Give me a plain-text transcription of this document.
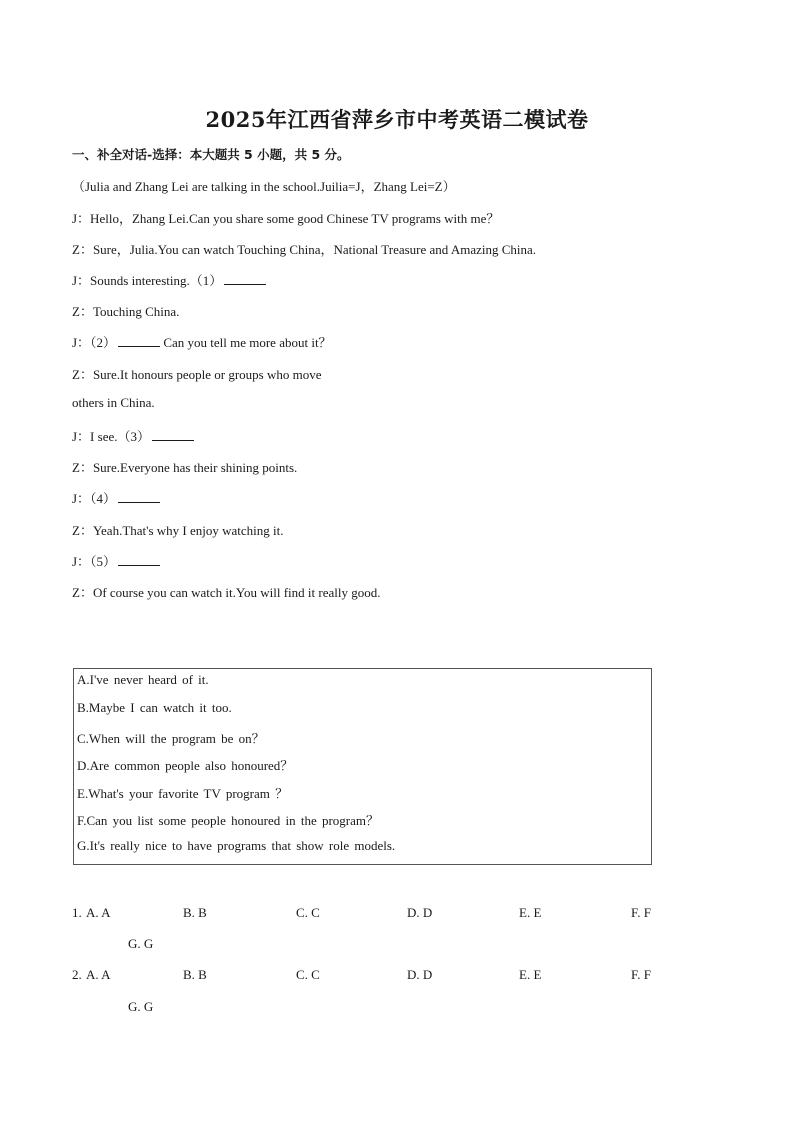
2025年江西省萍乡市中考英语二模试卷
一、补全对话-选择：本大题共 5 小题，共 5 分。
（Julia and Zhang Lei are talking in the school.Juilia=J，Zhang Lei=Z）
J：Hello，Zhang Lei.Can you share some good Chinese TV programs with me？
Z：Sure，Julia.You can watch Touching China，National Treasure and Amazing China.
J：Sounds interesting.（1）
Z：Touching China.
J：（2）	Can you tell me more about it？
Z：Sure.It honours people or groups who move
others in China.
J：I see.（3）
Z：Sure.Everyone has their shining points.
J：（4）
Z：Yeah.That's why I enjoy watching it.
J：（5）
Z：Of course you can watch it.You will find it really good.
A.I've never heard of it.
B.Maybe I can watch it too.
C.When will the program be on？
D.Are common people also honoured？
E.What's your favorite TV program ？
F.Can you list some people honoured in the program？
G.It's really nice to have programs that show role models.
1. A. A	B. B	C. C	D. D	E. E	F. F
G. G
2. A. A	B. B	C. C	D. D	E. E	F. F
G. G
